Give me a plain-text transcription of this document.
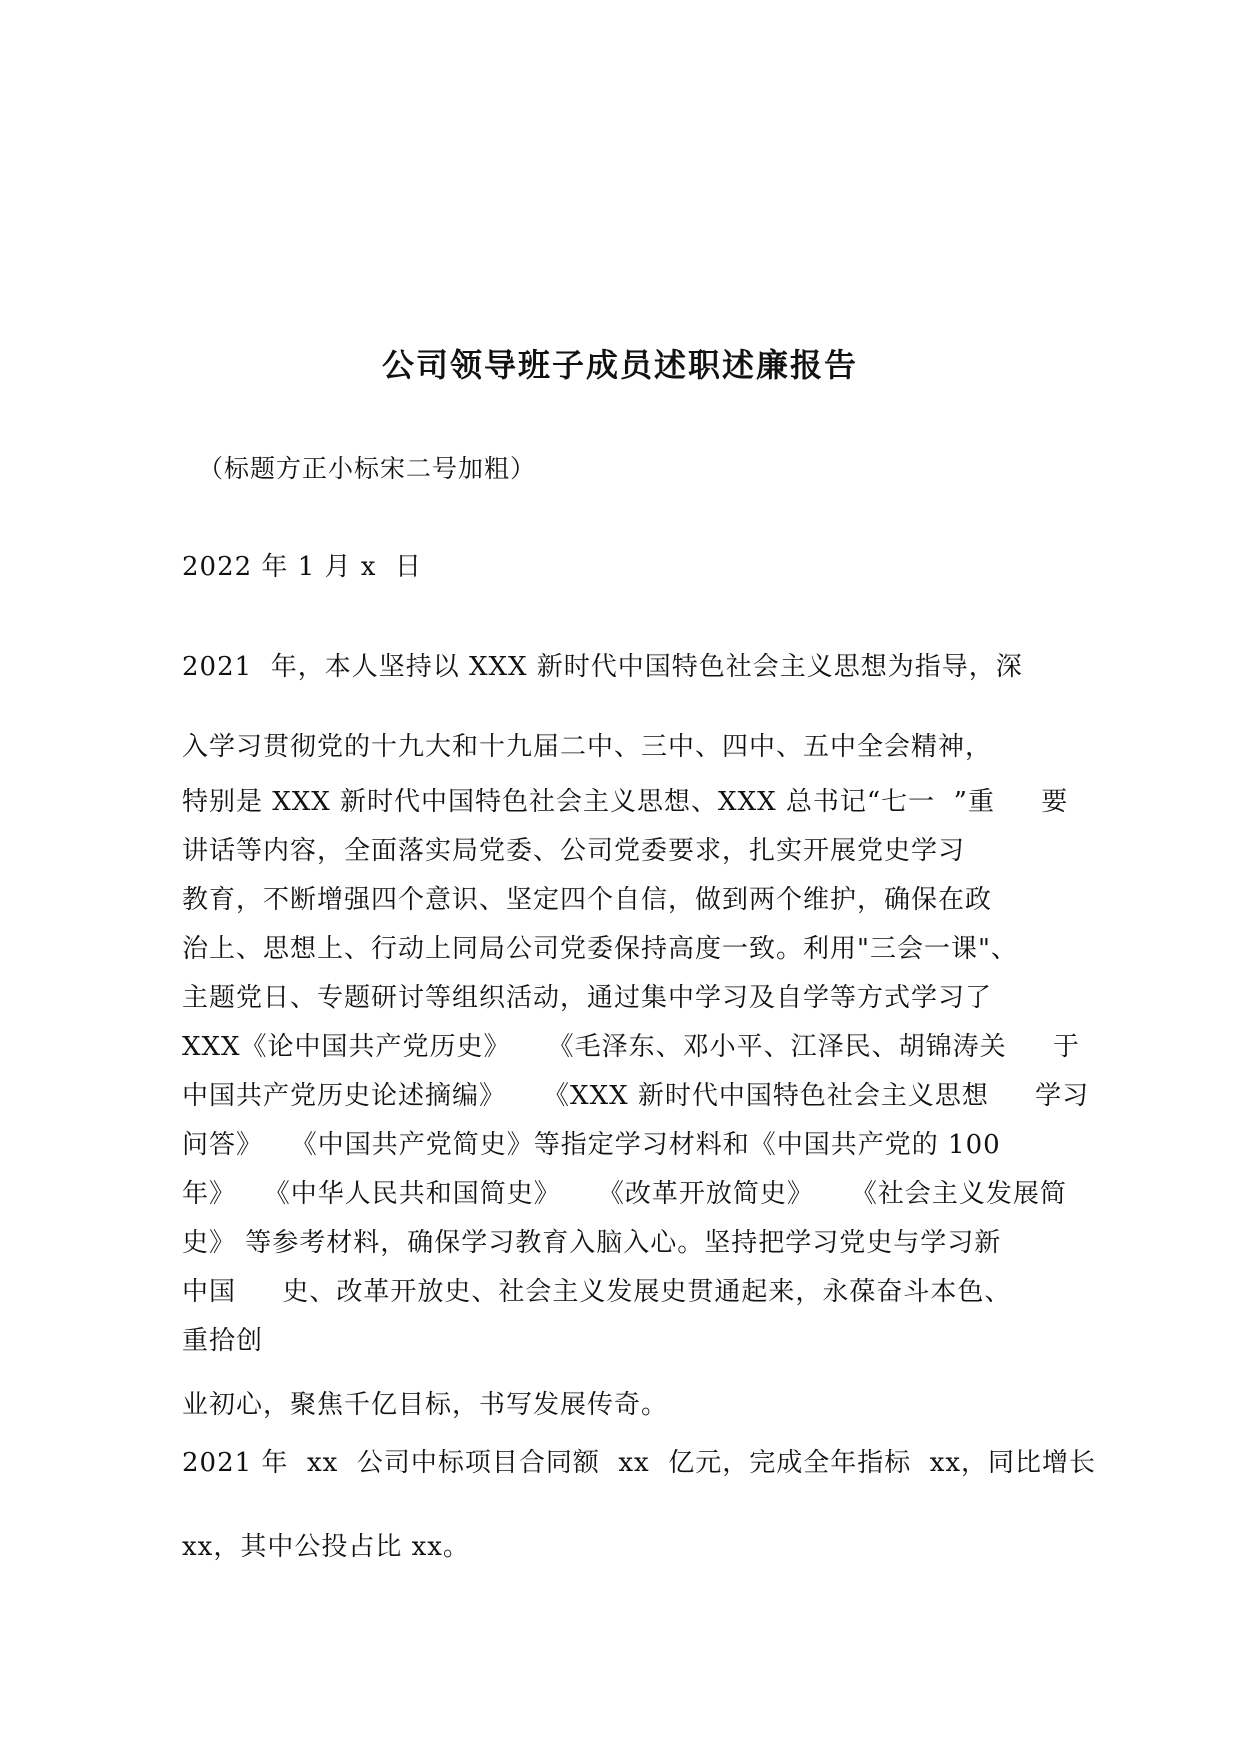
公司领导班子成员述职述廉报告
（标题方正小标宋二号加粗）
2022 年 1 月 x  日
2021  年，本人坚持以 XXX 新时代中国特色社会主义思想为指导，深
入学习贯彻党的十九大和十九届二中、三中、四中、五中全会精神，
特别是 XXX 新时代中国特色社会主义思想、XXX 总书记“七一  ”重     要
讲话等内容，全面落实局党委、公司党委要求，扎实开展党史学习
教育，不断增强四个意识、坚定四个自信，做到两个维护，确保在政
治上、思想上、行动上同局公司党委保持高度一致。利用"三会一课"、
主题党日、专题研讨等组织活动，通过集中学习及自学等方式学习了
XXX《论中国共产党历史》    《毛泽东、邓小平、江泽民、胡锦涛关     于
中国共产党历史论述摘编》    《XXX 新时代中国特色社会主义思想     学习
问答》   《中国共产党简史》等指定学习材料和《中国共产党的 100
年》   《中华人民共和国简史》    《改革开放简史》    《社会主义发展简
史》 等参考材料，确保学习教育入脑入心。坚持把学习党史与学习新
中国     史、改革开放史、社会主义发展史贯通起来，永葆奋斗本色、
重拾创
业初心，聚焦千亿目标，书写发展传奇。
2021 年  xx  公司中标项目合同额  xx  亿元，完成全年指标  xx，同比增长
xx，其中公投占比 xx。
